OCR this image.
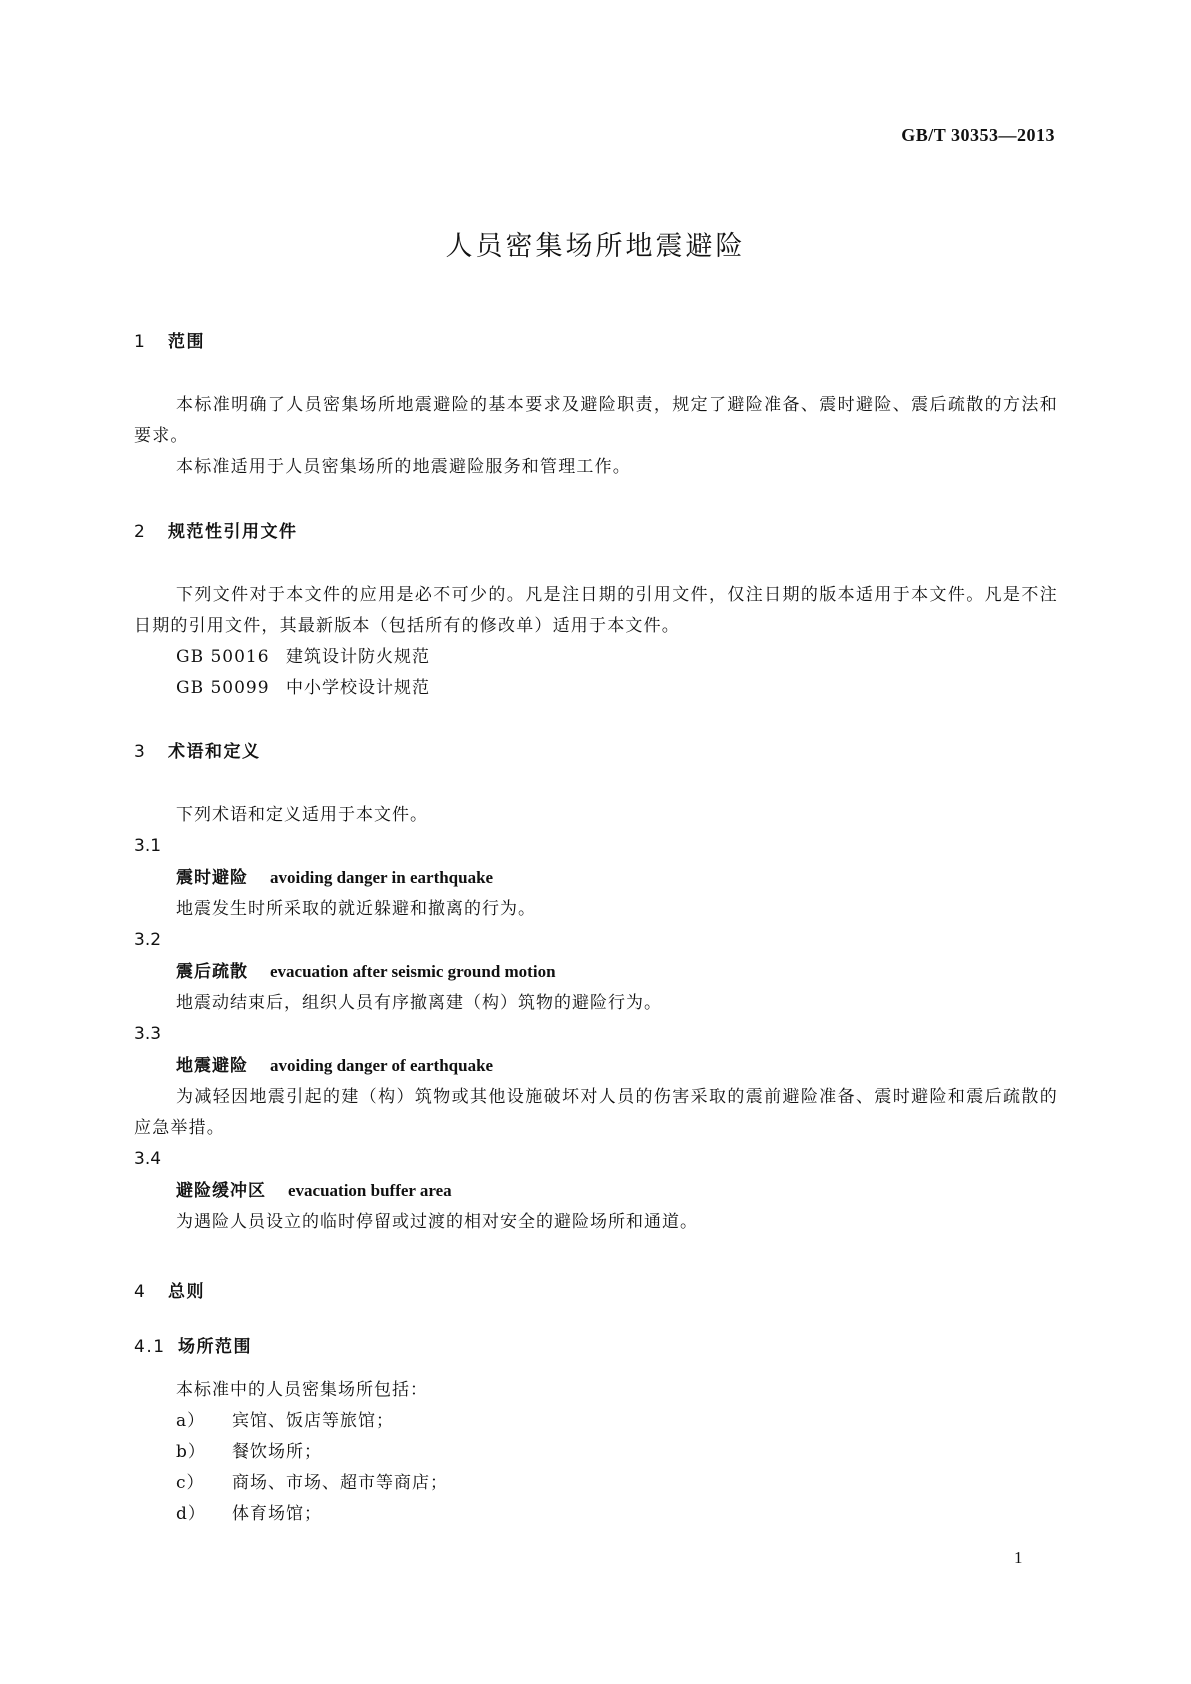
GB/T 30353—2013
人员密集场所地震避险
1 范围

本标准明确了人员密集场所地震避险的基本要求及避险职责，规定了避险准备、震时避险、震后疏散的方法和要求。

本标准适用于人员密集场所的地震避险服务和管理工作。

2 规范性引用文件

下列文件对于本文件的应用是必不可少的。凡是注日期的引用文件，仅注日期的版本适用于本文件。凡是不注日期的引用文件，其最新版本（包括所有的修改单）适用于本文件。

GB 50016 建筑设计防火规范
GB 50099 中小学校设计规范
3 术语和定义
下列术语和定义适用于本文件。
3.1
震时避险 avoiding danger in earthquake
地震发生时所采取的就近躲避和撤离的行为。
3.2
震后疏散 evacuation after seismic ground motion
地震动结束后，组织人员有序撤离建（构）筑物的避险行为。
3.3
地震避险 avoiding danger of earthquake

为减轻因地震引起的建（构）筑物或其他设施破坏对人员的伤害采取的震前避险准备、震时避险和震后疏散的应急举措。

3.4
避险缓冲区 evacuation buffer area
为遇险人员设立的临时停留或过渡的相对安全的避险场所和通道。
4 总则
4.1 场所范围
本标准中的人员密集场所包括：
a） 宾馆、饭店等旅馆；
b） 餐饮场所；
c） 商场、市场、超市等商店；
d） 体育场馆；
1
